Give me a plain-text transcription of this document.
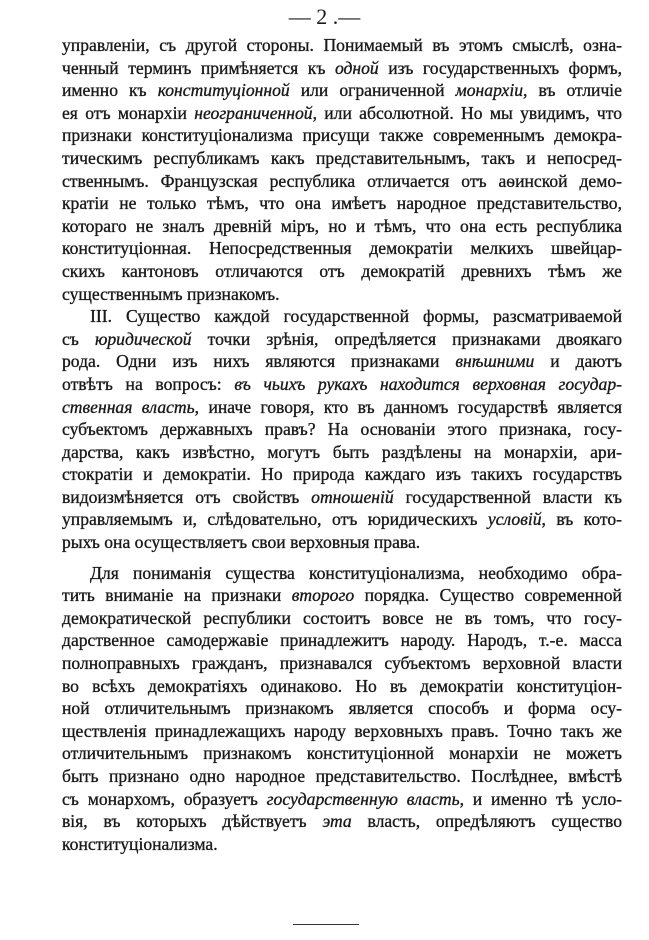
— 2 .—
управленіи, съ другой стороны. Понимаемый въ этомъ смыслѣ, озна-
ченный терминъ примѣняется къ одной изъ государственныхъ формъ,
именно къ конституціонной или ограниченной монархіи, въ отличіе
ея отъ монархіи неограниченной, или абсолютной. Но мы увидимъ, что
признаки конституціонализма присущи также современнымъ демокра-
тическимъ республикамъ какъ представительнымъ, такъ и непосред-
ственнымъ. Французская республика отличается отъ аѳинской демо-
кратіи не только тѣмъ, что она имѣетъ народное представительство,
котораго не зналъ древній міръ, но и тѣмъ, что она есть республика
конституціонная. Непосредственныя демократіи мелкихъ швейцар-
скихъ кантоновъ отличаются отъ демократій древнихъ тѣмъ же
существеннымъ признакомъ.
III. Существо каждой государственной формы, разсматриваемой
съ юридической точки зрѣнія, опредѣляется признаками двоякаго
рода. Одни изъ нихъ являются признаками внѣшними и даютъ
отвѣтъ на вопросъ: въ чьихъ рукахъ находится верховная государ-
ственная власть, иначе говоря, кто въ данномъ государствѣ является
субъектомъ державныхъ правъ? На основаніи этого признака, госу-
дарства, какъ извѣстно, могутъ быть раздѣлены на монархіи, ари-
стократіи и демократіи. Но природа каждаго изъ такихъ государствъ
видоизмѣняется отъ свойствъ отношеній государственной власти къ
управляемымъ и, слѣдовательно, отъ юридическихъ условій, въ кото-
рыхъ она осуществляетъ свои верховныя права.
Для пониманія существа конституціонализма, необходимо обра-
тить вниманіе на признаки второго порядка. Существо современной
демократической республики состоитъ вовсе не въ томъ, что госу-
дарственное самодержавіе принадлежитъ народу. Народъ, т.-е. масса
полноправныхъ гражданъ, признавался субъектомъ верховной власти
во всѣхъ демократіяхъ одинаково. Но въ демократіи конституціон-
ной отличительнымъ признакомъ является способъ и форма осу-
ществленія принадлежащихъ народу верховныхъ правъ. Точно такъ же
отличительнымъ признакомъ конституціонной монархіи не можетъ
быть признано одно народное представительство. Послѣднее, вмѣстѣ
съ монархомъ, образуетъ государственную власть, и именно тѣ усло-
вія, въ которыхъ дѣйствуетъ эта власть, опредѣляютъ существо
конституціонализма.
